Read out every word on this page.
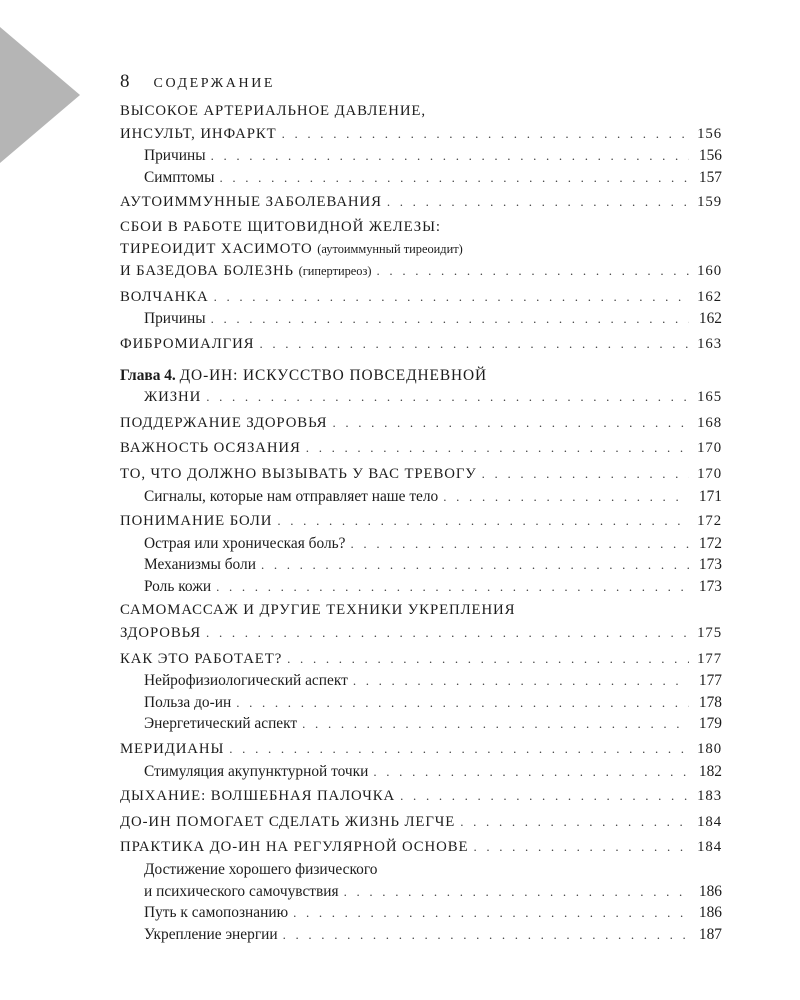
8 СОДЕРЖАНИЕ
ВЫСОКОЕ АРТЕРИАЛЬНОЕ ДАВЛЕНИЕ,
ИНСУЛЬТ, ИНФАРКТ . . .	156
Причины . . .	156
Симптомы . . .	157
АУТОИММУННЫЕ ЗАБОЛЕВАНИЯ . . .	159
СБОИ В РАБОТЕ ЩИТОВИДНОЙ ЖЕЛЕЗЫ:
ТИРЕОИДИТ ХАСИМОТО (аутоиммунный тиреоидит)
И БАЗЕДОВА БОЛЕЗНЬ (гипертиреоз) . . .	160
ВОЛЧАНКА . . .	162
Причины . . .	162
ФИБРОМИАЛГИЯ . . .	163
Глава 4. ДО-ИН: ИСКУССТВО ПОВСЕДНЕВНОЙ
ЖИЗНИ . . .	165
ПОДДЕРЖАНИЕ ЗДОРОВЬЯ . . .	168
ВАЖНОСТЬ ОСЯЗАНИЯ . . .	170
ТО, ЧТО ДОЛЖНО ВЫЗЫВАТЬ У ВАС ТРЕВОГУ . . .	170
Сигналы, которые нам отправляет наше тело . . .	171
ПОНИМАНИЕ БОЛИ . . .	172
Острая или хроническая боль? . . .	172
Механизмы боли . . .	173
Роль кожи . . .	173
САМОМАССАЖ И ДРУГИЕ ТЕХНИКИ УКРЕПЛЕНИЯ
ЗДОРОВЬЯ . . .	175
КАК ЭТО РАБОТАЕТ? . . .	177
Нейрофизиологический аспект . . .	177
Польза до-ин . . .	178
Энергетический аспект . . .	179
МЕРИДИАНЫ . . .	180
Стимуляция акупунктурной точки . . .	182
ДЫХАНИЕ: ВОЛШЕБНАЯ ПАЛОЧКА . . .	183
ДО-ИН ПОМОГАЕТ СДЕЛАТЬ ЖИЗНЬ ЛЕГЧЕ . . .	184
ПРАКТИКА ДО-ИН НА РЕГУЛЯРНОЙ ОСНОВЕ . . .	184
Достижение хорошего физического
и психического самочувствия . . .	186
Путь к самопознанию . . .	186
Укрепление энергии . . .	187
